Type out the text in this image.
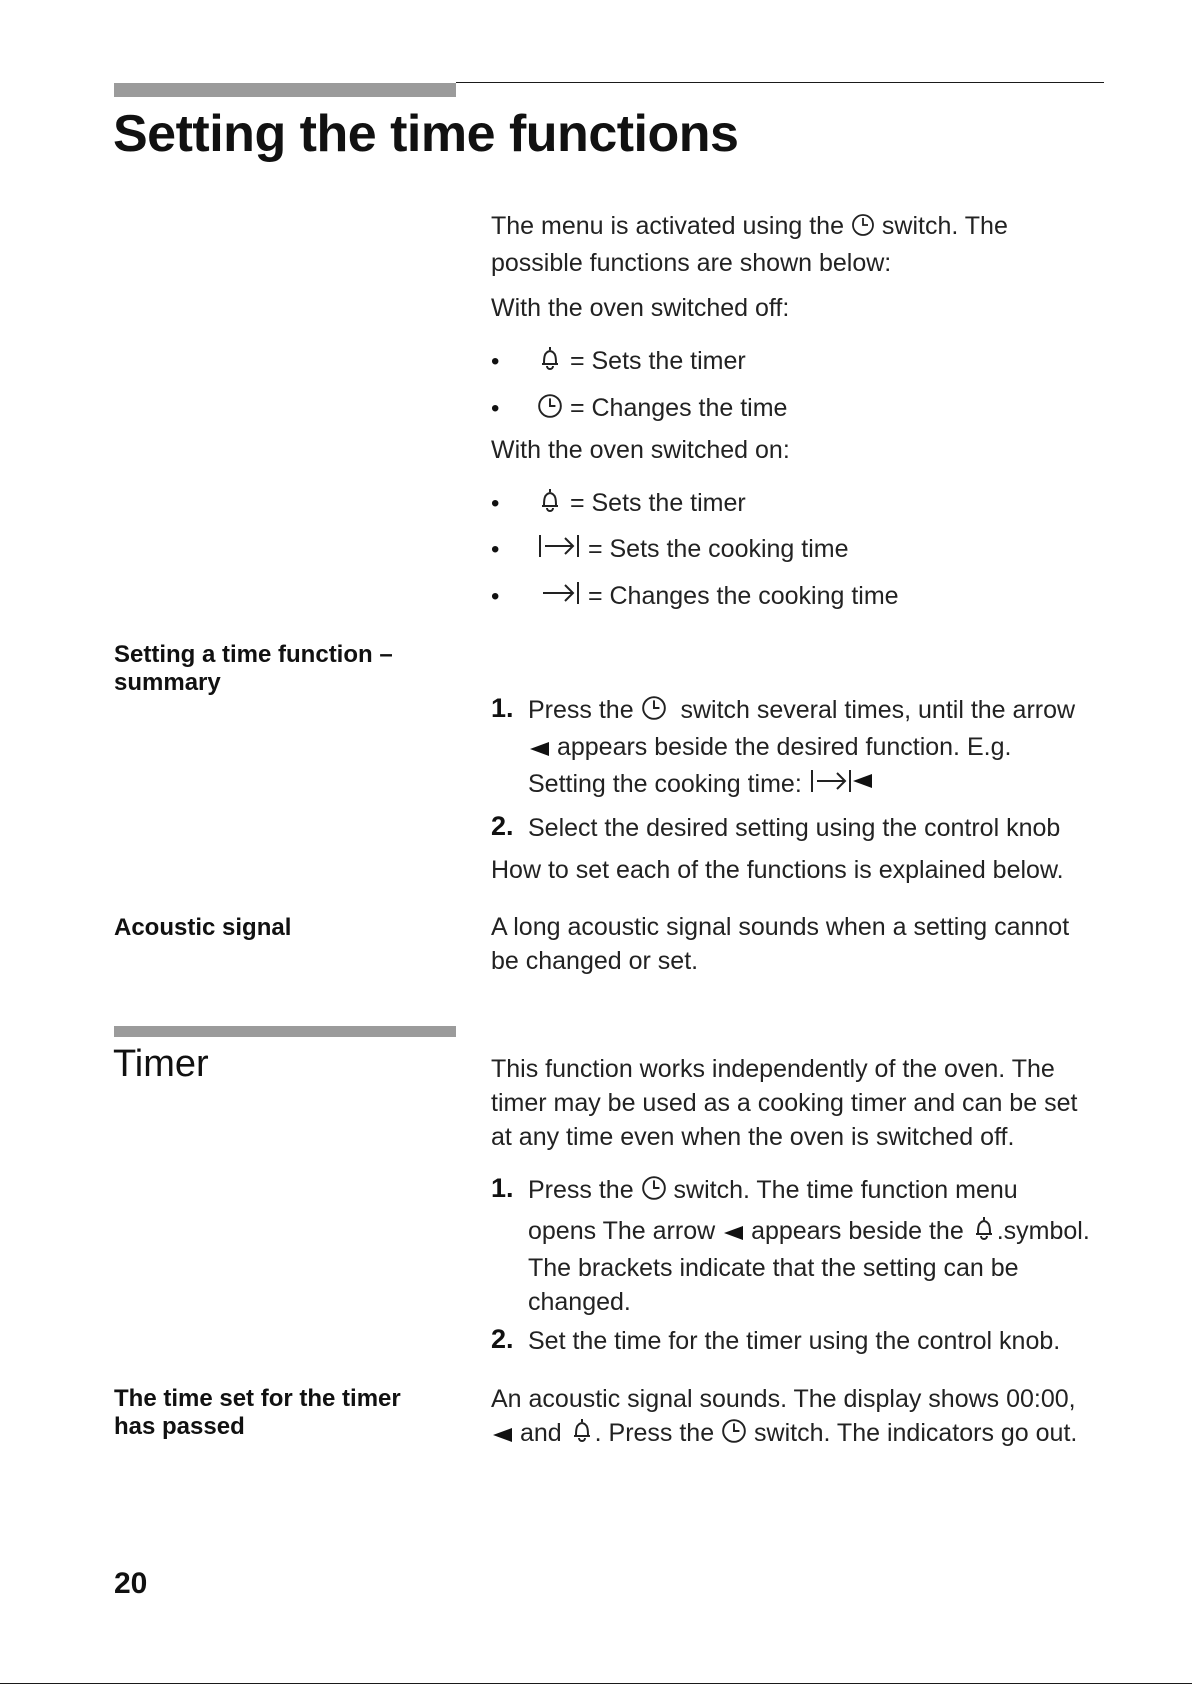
Setting the time functions
The menu is activated using the switch. The
possible functions are shown below:
With the oven switched off:
•	= Sets the timer
•	= Changes the time
With the oven switched on:
•	= Sets the timer
•	= Sets the cooking time
•	= Changes the cooking time
Setting a time function –
summary
1. Press the switch several times, until the arrow
appears beside the desired function. E.g.
Setting the cooking time:
2. Select the desired setting using the control knob
How to set each of the functions is explained below.
Acoustic signal	A long acoustic signal sounds when a setting cannot
be changed or set.
Timer	This function works independently of the oven. The
timer may be used as a cooking timer and can be set
at any time even when the oven is switched off.
1. Press the switch. The time function menu
opens The arrow appears beside the .symbol.
The brackets indicate that the setting can be
changed.
2. Set the time for the timer using the control knob.
The time set for the timer
has passed
An acoustic signal sounds. The display shows 00:00,
and . Press the switch. The indicators go out.
20
